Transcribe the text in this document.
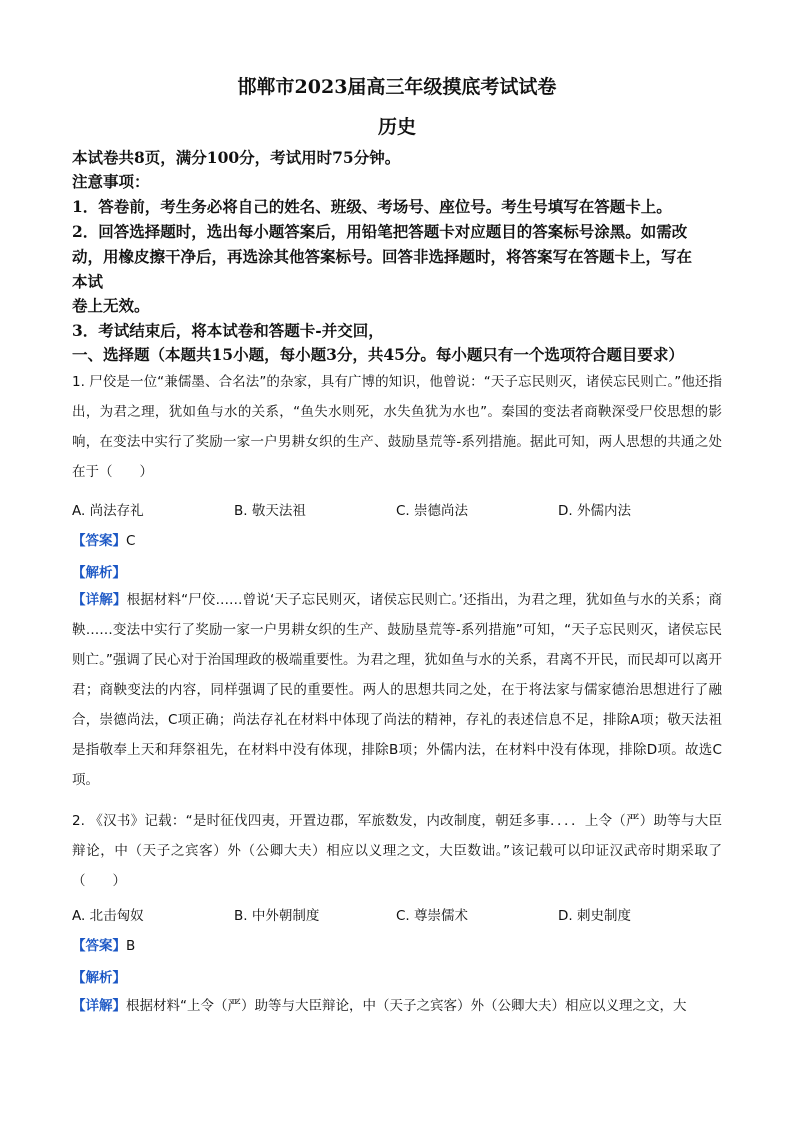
邯郸市2023届高三年级摸底考试试卷
历史
本试卷共8页，满分100分，考试用时75分钟。
注意事项：
1．答卷前，考生务必将自己的姓名、班级、考场号、座位号。考生号填写在答题卡上。
2．回答选择题时，选出每小题答案后，用铅笔把答题卡对应题目的答案标号涂黑。如需改
动，用橡皮擦干净后，再选涂其他答案标号。回答非选择题时，将答案写在答题卡上，写在
本试
卷上无效。
3．考试结束后，将本试卷和答题卡-并交回，
一、选择题（本题共15小题，每小题3分，共45分。每小题只有一个选项符合题目要求）
1. 尸佼是一位“兼儒墨、合名法”的杂家，具有广博的知识，他曾说：“天子忘民则灭，诸侯忘民则亡。”他还指出，为君之理，犹如鱼与水的关系，“鱼失水则死，水失鱼犹为水也”。秦国的变法者商鞅深受尸佼思想的影响，在变法中实行了奖励一家一户男耕女织的生产、鼓励垦荒等-系列措施。据此可知，两人思想的共通之处在于（　　）
A. 尚法存礼	B. 敬天法祖	C. 崇德尚法	D. 外儒内法
【答案】C
【解析】
【详解】根据材料“尸佼……曾说‘天子忘民则灭，诸侯忘民则亡。’还指出，为君之理，犹如鱼与水的关系；商鞅……变法中实行了奖励一家一户男耕女织的生产、鼓励垦荒等-系列措施”可知，“天子忘民则灭，诸侯忘民则亡。”强调了民心对于治国理政的极端重要性。为君之理，犹如鱼与水的关系，君离不开民，而民却可以离开君；商鞅变法的内容，同样强调了民的重要性。两人的思想共同之处，在于将法家与儒家德治思想进行了融合，崇德尚法，C项正确；尚法存礼在材料中体现了尚法的精神，存礼的表述信息不足，排除A项；敬天法祖是指敬奉上天和拜祭祖先，在材料中没有体现，排除B项；外儒内法，在材料中没有体现，排除D项。故选C项。
2. 《汉书》记载：“是时征伐四夷，开置边郡，军旅数发，内改制度，朝廷多事．．．．上令（严）助等与大臣辩论，中（天子之宾客）外（公卿大夫）相应以义理之文，大臣数诎。”该记载可以印证汉武帝时期采取了（　　）
A. 北击匈奴	B. 中外朝制度	C. 尊崇儒术	D. 刺史制度
【答案】B
【解析】
【详解】根据材料“上令（严）助等与大臣辩论，中（天子之宾客）外（公卿大夫）相应以义理之文，大
